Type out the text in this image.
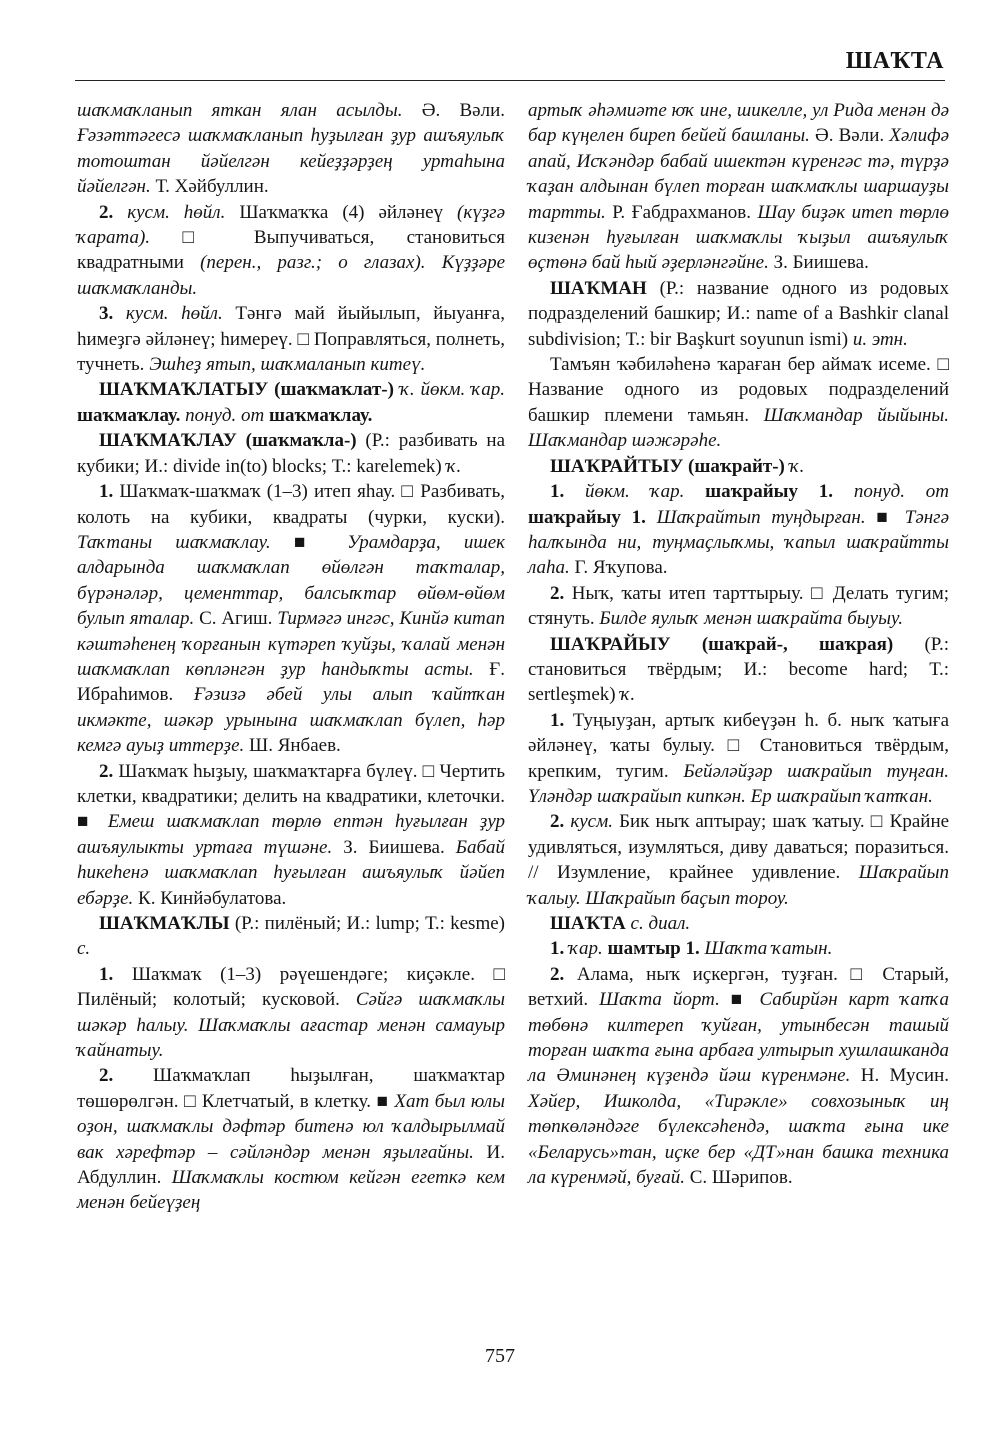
ШАҠТА

шаҡмаҡланып яткан ялан асылды. Ә. Вәли. Ғәзәттәгесә шаҡмаҡланып һуҙылған ҙур ашъяулыҡ тотоштан йәйелгән кейеҙҙәрҙең уртаһына йәйелгән. Т. Хәйбуллин.

2. кусм. һөйл. Шаҡмаҡҡа (4) әйләнеү (күҙгә ҡарата). □ Выпучиваться, становиться квадратными (перен., разг.; о глазах). Күҙҙәре шаҡмаҡланды.

3. кусм. һөйл. Тәнгә май йыйылып, йыуанға, һимеҙгә әйләнеү; һимереү. □ Поправляться, полнеть, тучнеть. Эшһеҙ ятып, шаҡмаланып китеү.

ШАҠМАҠЛАТЫУ (шаҡмаҡлат-) ҡ. йөкм. ҡар. шаҡмаҡлау. понуд. от шаҡмаҡлау.

ШАҠМАҠЛАУ (шаҡмаҡла-) (Р.: разбивать на кубики; И.: divide in(to) blocks; Т.: karelemek) ҡ.

1. Шаҡмаҡ-шаҡмаҡ (1–3) итеп яһау. □ Разбивать, колоть на кубики, квадраты (чурки, куски). Таҡтаны шаҡмаҡлау. ■ Урамдарҙа, ишек алдарында шаҡмаҡлап өйөлгән таҡталар, бүрәнәләр, цементтар, балсыҡтар өйөм-өйөм булып яталар. С. Агиш. Тирмәгә ингәс, Кинйә китап кәштәһенең ҡорғанын күтәреп ҡуйҙы, ҡалай менән шаҡмаҡлап көпләнгән ҙур һандыҡты асты. Ғ. Ибраһимов. Ғәзизә әбей улы алып ҡайтҡан икмәкте, шәкәр урынына шаҡмаҡлап бүлеп, һәр кемгә ауыҙ иттерҙе. Ш. Янбаев.

2. Шаҡмаҡ һыҙыу, шаҡмаҡтарға бүлеү. □ Чертить клетки, квадратики; делить на квадратики, клеточки. ■ Емеш шаҡмаҡлап төрлө ептән һуғылған ҙур ашъяулыкты уртаға түшәне. З. Биишева. Бабай һикеһенә шаҡмаҡлап һуғылған ашъяулыҡ йәйеп ебәрҙе. К. Кинйәбулатова.

ШАҠМАҠЛЫ (Р.: пилёный; И.: lump; Т.: kesme) с.

1. Шаҡмаҡ (1–3) рәүешендәге; киҫәкле. □ Пилёный; колотый; кусковой. Сәйгә шаҡмаҡлы шәкәр һалыу. Шаҡмаҡлы ағастар менән самауыр ҡайнатыу.

2. Шаҡмаҡлап һыҙылған, шаҡмаҡтар төшөрөлгән. □ Клетчатый, в клетку. ■ Хат был юлы оҙон, шаҡмаҡлы дәфтәр битенә юл ҡалдырылмай вак хәрефтәр – сәйләндәр менән яҙылғайны. И. Абдуллин. Шаҡмаҡлы костюм кейгән егеткә кем менән бейеүҙең

артыҡ әһәмиәте юҡ ине, шикелле, ул Рида менән дә бар күңелен биреп бейей башланы. Ә. Вәли. Хәлифә апай, Исҡәндәр бабай ишектән күренгәс тә, түрҙә ҡаҙан алдынан бүлеп торған шаҡмаҡлы шаршауҙы тартты. Р. Ғабдрахманов. Шау биҙәк итеп төрлө кизенән һуғылған шаҡмаҡлы ҡыҙыл ашъяулыҡ өҫтөнә бай һый әҙерләнгәйне. З. Биишева.

ШАҠМАН (Р.: название одного из родовых подразделений башкир; И.: name of a Bashkir clanal subdivision; Т.: bir Başkurt soyunun ismi) и. этн.

Тамъян ҡәбиләһенә ҡараған бер аймаҡ исеме. □ Название одного из родовых подразделений башкир племени тамьян. Шаҡмандар йыйыны. Шаҡмандар шәжәрәһе.

ШАҠРАЙТЫУ (шаҡрайт-) ҡ.

1. йөкм. ҡар. шаҡрайыу 1. понуд. от шаҡрайыу 1. Шаҡрайтып туңдырған. ■ Тәнгә һалҡында ни, туңмаҫлыҡмы, ҡапыл шаҡрайтты лаһа. Г. Яҡупова.

2. Ныҡ, ҡаты итеп тарттырыу. □ Делать тугим; стянуть. Билде яулыҡ менән шаҡрайта быуыу.

ШАҠРАЙЫУ (шаҡрай-, шаҡрая) (Р.: становиться твёрдым; И.: become hard; Т.: sertleşmek) ҡ.

1. Туңыуҙан, артыҡ кибеүҙән һ. б. ныҡ ҡатыға әйләнеү, ҡаты булыу. □ Становиться твёрдым, крепким, тугим. Бейәләйҙәр шаҡрайып туңған. Үләндәр шаҡрайып кипкән. Ер шаҡрайып ҡатҡан.

2. кусм. Бик ныҡ аптырау; шаҡ ҡатыу. □ Крайне удивляться, изумляться, диву даваться; поразиться. // Изумление, крайнее удивление. Шаҡрайып ҡалыу. Шаҡрайып баҫып тороу.

ШАҠТА с. диал.

1. ҡар. шамтыр 1. Шаҡта ҡатын.

2. Алама, ныҡ иҫкергән, туҙған. □ Старый, ветхий. Шаҡта йорт. ■ Сабирйән карт ҡапҡа төбөнә килтереп ҡуйған, утынбесән ташый торған шаҡта ғына арбаға ултырып хушлашканда ла Әминәнең күҙендә йәш күренмәне. Н. Мусин. Хәйер, Ишколда, «Тирәкле» совхозыныҡ иң төпкөләндәге бүлексәһендә, шаҡта ғына ике «Беларусь»тан, иҫке бер «ДТ»нан башка техника ла күренмәй, буғай. С. Шәрипов.

757
